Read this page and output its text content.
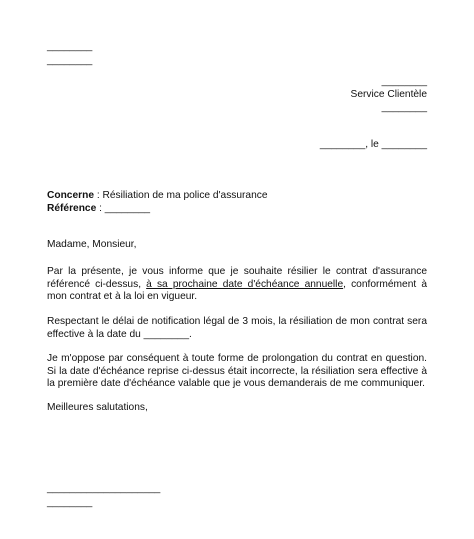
________
________
________
Service Clientèle
________
________, le ________
Concerne : Résiliation de ma police d'assurance
Référence : ________
Madame, Monsieur,
Par la présente, je vous informe que je souhaite résilier le contrat d'assurance référencé ci-dessus, à sa prochaine date d'échéance annuelle, conformément à mon contrat et à la loi en vigueur.
Respectant le délai de notification légal de 3 mois, la résiliation de mon contrat sera effective à la date du ________.
Je m'oppose par conséquent à toute forme de prolongation du contrat en question. Si la date d'échéance reprise ci-dessus était incorrecte, la résiliation sera effective à la première date d'échéance valable que je vous demanderais de me communiquer.
Meilleures salutations,
____________________
________
